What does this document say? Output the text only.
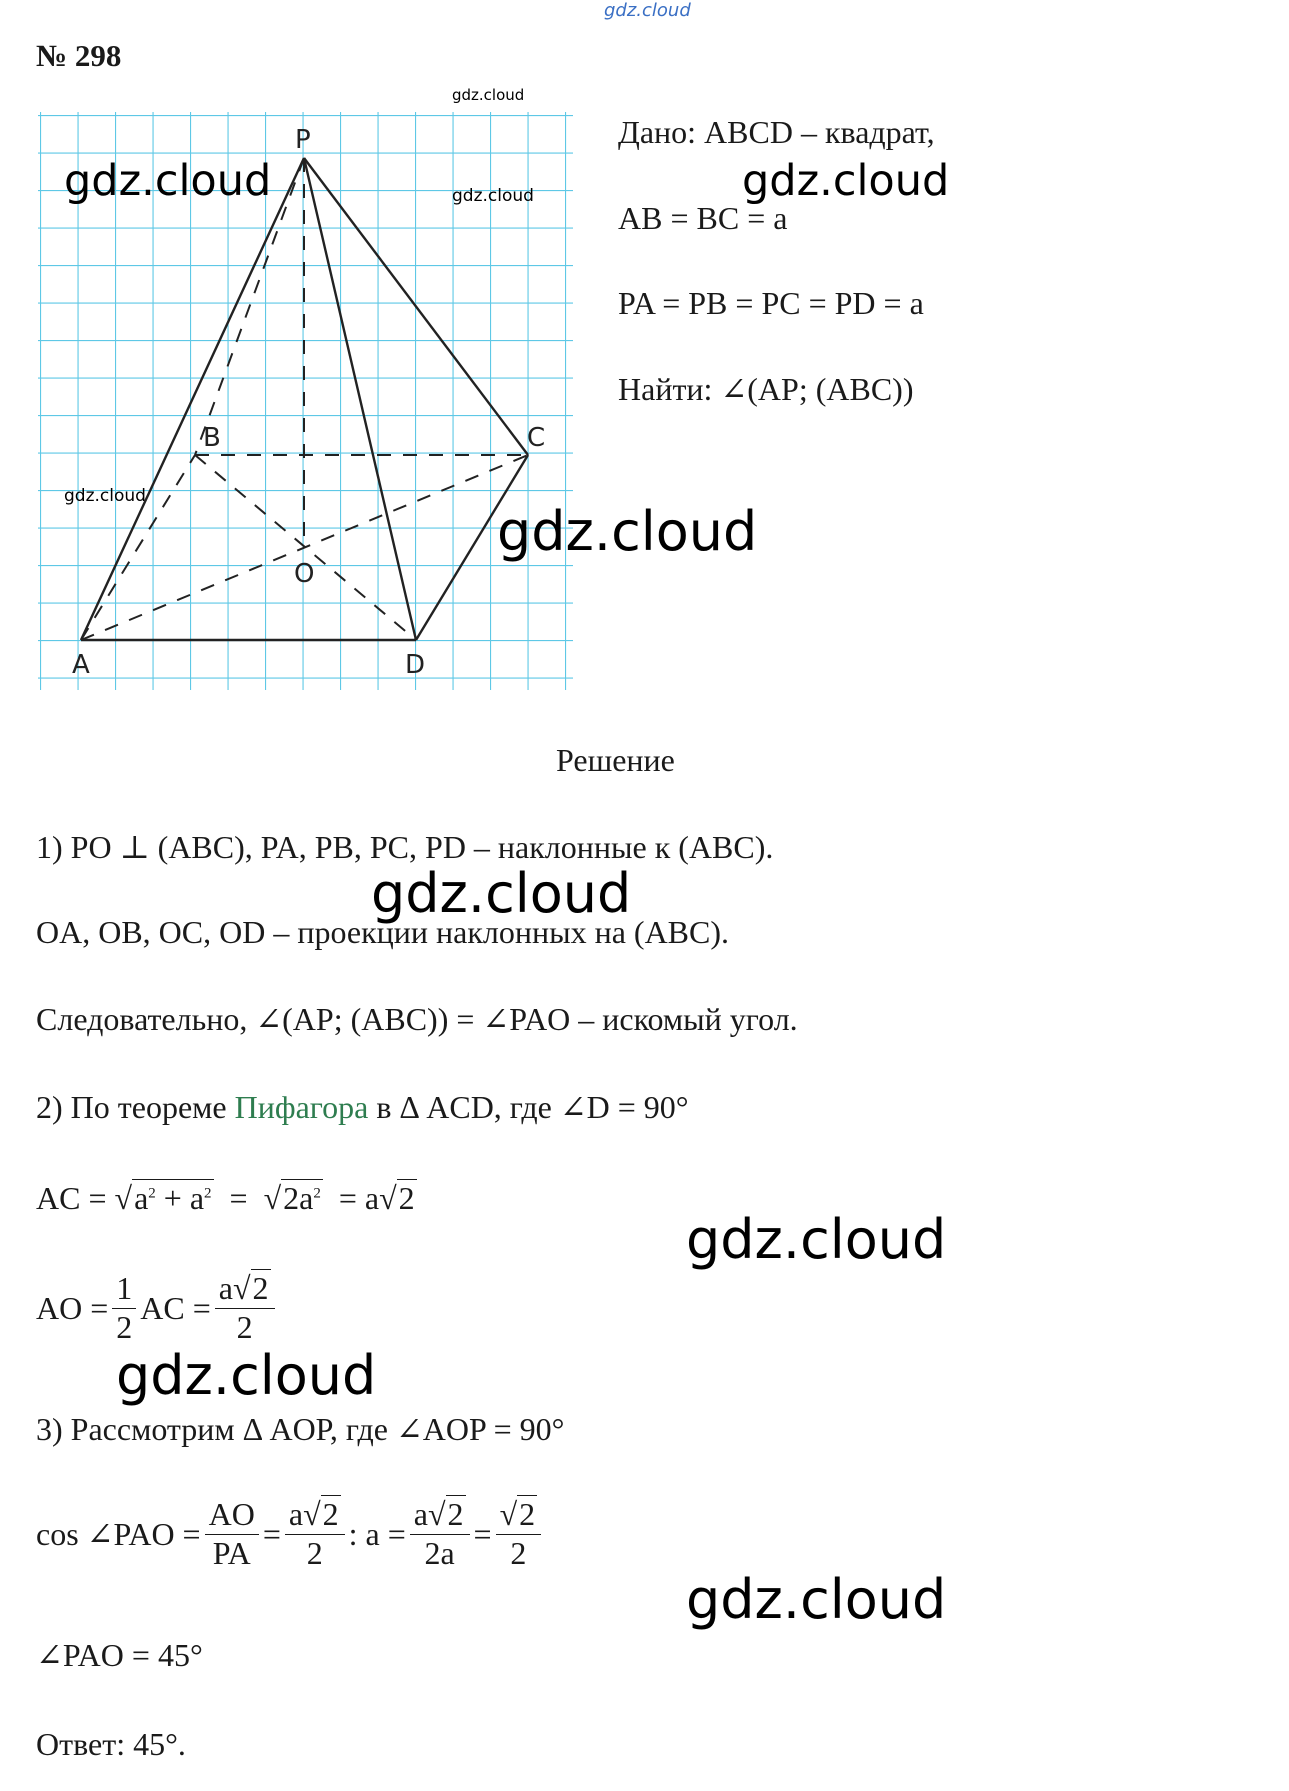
gdz.cloud
№ 298
P
B	C
O
A	D
gdz.cloud
gdz.cloud	gdz.cloud
gdz.cloud
Дано: ABCD – квадрат,
gdz.cloud
AB = BC = a
PA = PB = PC = PD = a
Найти: ∠(AP; (ABC))
gdz.cloud
Решение
1) PO ⊥ (ABC), PA, PB, PC, PD – наклонные к (ABC).
gdz.cloud
OA, OB, OC, OD – проекции наклонных на (ABC).
Следовательно, ∠(AP; (ABC)) = ∠PAO – искомый угол.
2) По теореме Пифагора в Δ ACD, где ∠D = 90°
AC = $√a^2 + a^2 = √2a^2 = a√2$
gdz.cloud
AO = $\frac{1}{2}$ AC = $\frac{a√2}{2}$
gdz.cloud
3) Рассмотрим Δ AOP, где ∠AOP = 90°
cos ∠PAO = $\frac{AO}{PA} = \frac{a√2}{2}$ : $a = \frac{a√2}{2a} = \frac{√2}{2}$
gdz.cloud
∠PAO = 45°
Ответ: 45°.
